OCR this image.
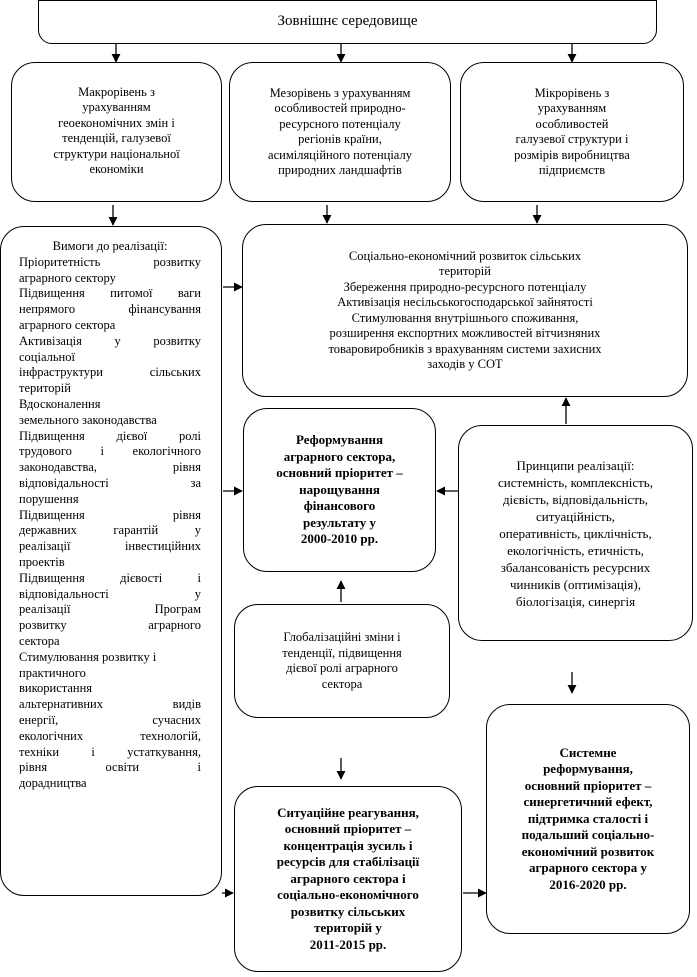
Зовнішнє середовище
Макрорівень з
урахуванням
геоекономічних змін і
тенденцій, галузевої
структури національної
економіки
Мезорівень з урахуванням
особливостей природно-
ресурсного потенціалу
регіонів країни,
асиміляційного потенціалу
природних ландшафтів
Мікрорівень з
урахуванням
особливостей
галузевої структури і
розмірів виробництва
підприємств
Вимоги до реалізації:
Пріоритетність розвитку
аграрного сектору
Підвищення питомої ваги
непрямого фінансування
аграрного сектора
Активізація у розвитку
соціальної
інфраструктури сільських
територій
Вдосконалення
земельного законодавства
Підвищення дієвої ролі
трудового і екологічного
законодавства, рівня
відповідальності за
порушення
Підвищення рівня
державних гарантій у
реалізації інвестиційних
проектів
Підвищення дієвості і
відповідальності у
реалізації Програм
розвитку аграрного
сектора
Стимулювання розвитку і
практичного
використання
альтернативних видів
енергії, сучасних
екологічних технологій,
техніки і устаткування,
рівня освіти і
дорадництва
Соціально-економічний розвиток сільських
територій
Збереження природно-ресурсного потенціалу
Активізація несільськогосподарської зайнятості
Стимулювання внутрішнього споживання,
розширення експортних можливостей вітчизняних
товаровиробників з врахуванням системи захисних
заходів у СОТ
Реформування
аграрного сектора,
основний пріоритет –
нарощування
фінансового
результату у
2000-2010 рр.
Принципи реалізації:
системність, комплексність,
дієвість, відповідальність,
ситуаційність,
оперативність, циклічність,
екологічність, етичність,
збалансованість ресурсних
чинників (оптимізація),
біологізація, синергія
Глобалізаційні зміни і
тенденції, підвищення
дієвої ролі аграрного
сектора
Системне
реформування,
основний пріоритет –
синергетичний ефект,
підтримка сталості і
подальший соціально-
економічний розвиток
аграрного сектора у
2016-2020 рр.
Ситуаційне реагування,
основний пріоритет –
концентрація зусиль і
ресурсів для стабілізації
аграрного сектора і
соціально-економічного
розвитку сільських
територій у
2011-2015 рр.
